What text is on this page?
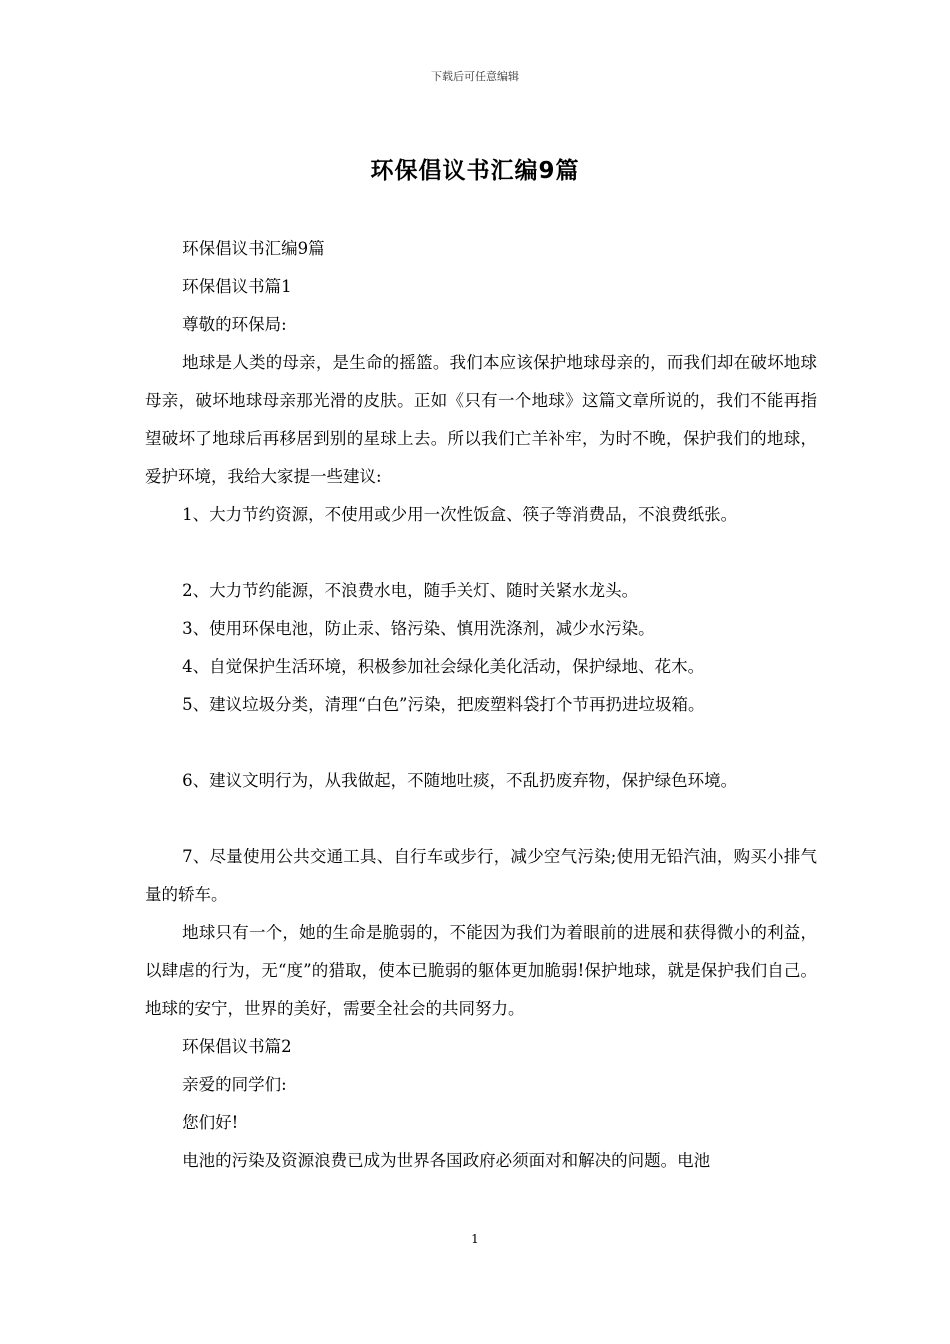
下载后可任意编辑
环保倡议书汇编9篇

环保倡议书汇编9篇

环保倡议书篇1

尊敬的环保局:

地球是人类的母亲，是生命的摇篮。我们本应该保护地球母亲的，而我们却在破坏地球母亲，破坏地球母亲那光滑的皮肤。正如《只有一个地球》这篇文章所说的，我们不能再指望破坏了地球后再移居到别的星球上去。所以我们亡羊补牢，为时不晚，保护我们的地球，爱护环境，我给大家提一些建议:

1、大力节约资源，不使用或少用一次性饭盒、筷子等消费品，不浪费纸张。

2、大力节约能源，不浪费水电，随手关灯、随时关紧水龙头。

3、使用环保电池，防止汞、铬污染、慎用洗涤剂，减少水污染。

4、自觉保护生活环境，积极参加社会绿化美化活动，保护绿地、花木。

5、建议垃圾分类，清理“白色”污染，把废塑料袋打个节再扔进垃圾箱。

6、建议文明行为，从我做起，不随地吐痰，不乱扔废弃物，保护绿色环境。

7、尽量使用公共交通工具、自行车或步行，减少空气污染;使用无铅汽油，购买小排气量的轿车。

地球只有一个，她的生命是脆弱的，不能因为我们为着眼前的进展和获得微小的利益，以肆虐的行为，无“度”的猎取，使本已脆弱的躯体更加脆弱!保护地球，就是保护我们自己。地球的安宁，世界的美好，需要全社会的共同努力。

环保倡议书篇2

亲爱的同学们:

您们好!

电池的污染及资源浪费已成为世界各国政府必须面对和解决的问题。电池

1
